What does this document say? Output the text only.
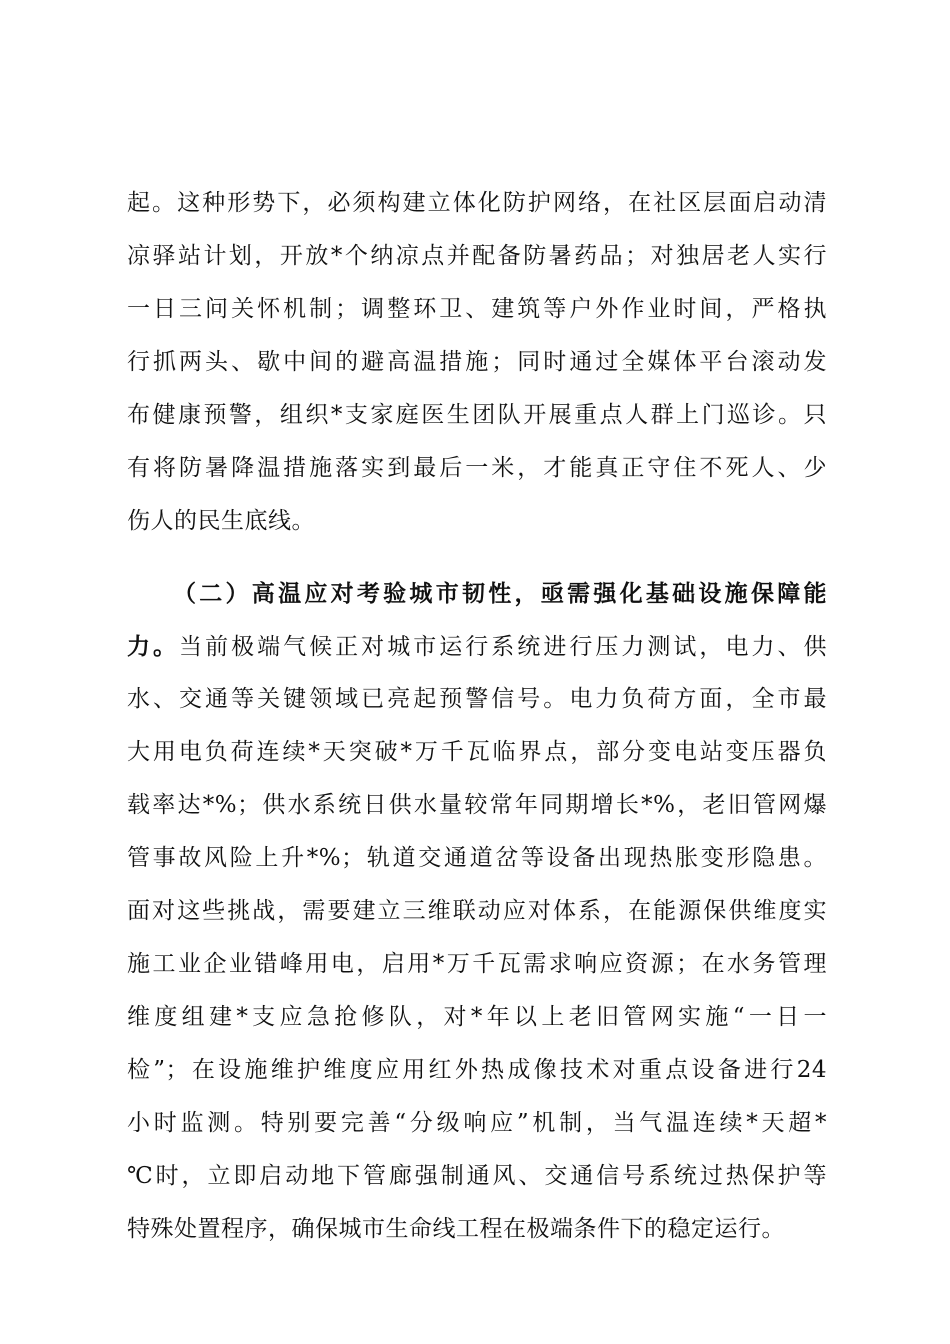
起。这种形势下，必须构建立体化防护网络，在社区层面启动清
凉驿站计划，开放*个纳凉点并配备防暑药品；对独居老人实行
一日三问关怀机制；调整环卫、建筑等户外作业时间，严格执
行抓两头、歇中间的避高温措施；同时通过全媒体平台滚动发
布健康预警，组织*支家庭医生团队开展重点人群上门巡诊。只
有将防暑降温措施落实到最后一米，才能真正守住不死人、少
伤人的民生底线。
（二）高温应对考验城市韧性，亟需强化基础设施保障能
力。当前极端气候正对城市运行系统进行压力测试，电力、供
水、交通等关键领域已亮起预警信号。电力负荷方面，全市最
大用电负荷连续*天突破*万千瓦临界点，部分变电站变压器负
载率达*%；供水系统日供水量较常年同期增长*%，老旧管网爆
管事故风险上升*%；轨道交通道岔等设备出现热胀变形隐患。
面对这些挑战，需要建立三维联动应对体系，在能源保供维度实
施工业企业错峰用电，启用*万千瓦需求响应资源；在水务管理
维度组建*支应急抢修队，对*年以上老旧管网实施“一日一
检”；在设施维护维度应用红外热成像技术对重点设备进行24
小时监测。特别要完善“分级响应”机制，当气温连续*天超*
℃时，立即启动地下管廊强制通风、交通信号系统过热保护等
特殊处置程序，确保城市生命线工程在极端条件下的稳定运行。
